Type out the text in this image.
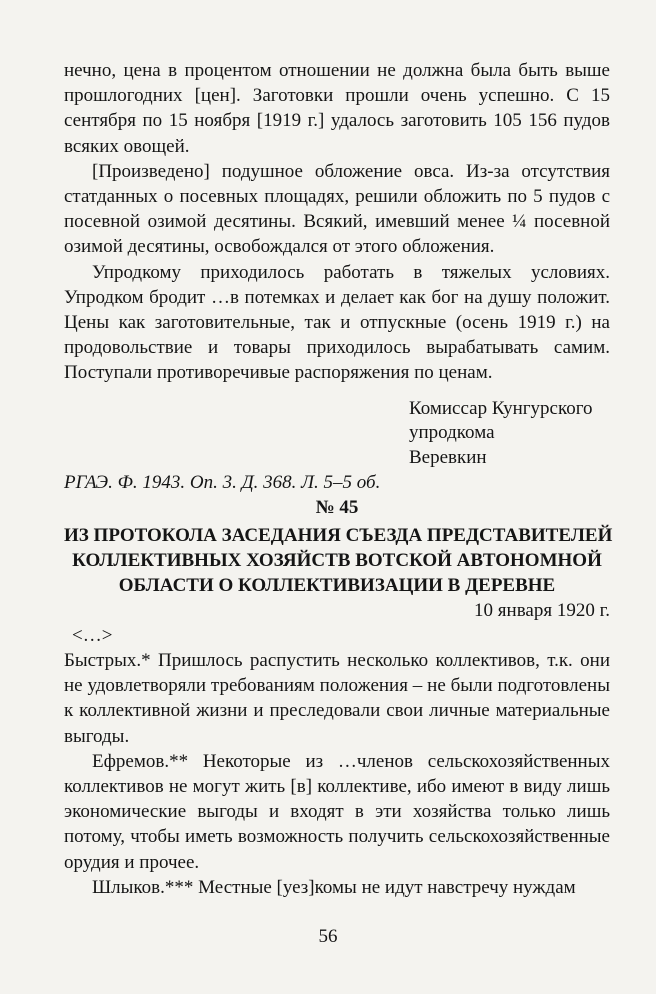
нечно, цена в процентом отношении не должна была быть выше прошлогодних [цен]. Заготовки прошли очень успешно. С 15 сентября по 15 ноября [1919 г.] удалось заготовить 105 156 пудов всяких овощей.

[Произведено] подушное обложение овса. Из-за отсутствия статданных о посевных площадях, решили обложить по 5 пудов с посевной озимой десятины. Всякий, имевший менее ¼ посевной озимой десятины, освобождался от этого обложения.

Упродкому приходилось работать в тяжелых условиях. Упродком бродит …в потемках и делает как бог на душу положит. Цены как заготовительные, так и отпускные (осень 1919 г.) на продовольствие и товары приходилось вырабатывать самим. Поступали противоречивые распоряжения по ценам.

Комиссар Кунгурского
упродкома
Веревкин

РГАЭ. Ф. 1943. Оп. 3. Д. 368. Л. 5–5 об.

№ 45

ИЗ ПРОТОКОЛА ЗАСЕДАНИЯ СЪЕЗДА ПРЕДСТАВИТЕЛЕЙ
КОЛЛЕКТИВНЫХ ХОЗЯЙСТВ ВОТСКОЙ АВТОНОМНОЙ
ОБЛАСТИ О КОЛЛЕКТИВИЗАЦИИ В ДЕРЕВНЕ

10 января 1920 г.

<…>

Быстрых.* Пришлось распустить несколько коллективов, т.к. они не удовлетворяли требованиям положения – не были подготовлены к коллективной жизни и преследовали свои личные материальные выгоды.

Ефремов.** Некоторые из …членов сельскохозяйственных коллективов не могут жить [в] коллективе, ибо имеют в виду лишь экономические выгоды и входят в эти хозяйства только лишь потому, чтобы иметь возможность получить сельскохозяйственные орудия и прочее.

Шлыков.*** Местные [уез]комы не идут навстречу нуждам

56
